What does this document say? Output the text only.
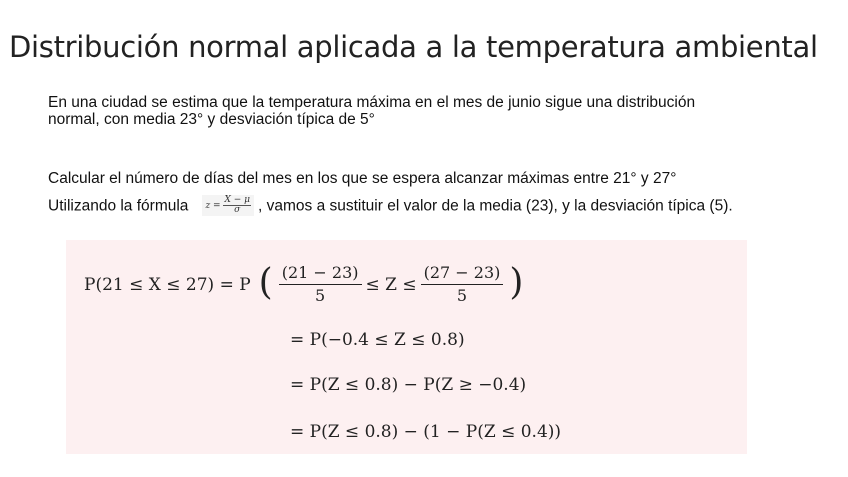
Distribución normal aplicada a la temperatura ambiental
En una ciudad se estima que la temperatura máxima en el mes de junio sigue una distribución normal, con media 23° y desviación típica de 5°
Calcular el número de días del mes en los que se espera alcanzar máximas entre 21° y 27°
Utilizando la fórmula $z = \frac{X - \mu}{\sigma}$ , vamos a sustituir el valor de la media (23), y la desviación típica (5).
P(21 ≤ X ≤ 27) = P ( $\frac{(21 - 23)}{5} \le Z \le \frac{(27 - 23)}{5}$ )
= P(−0.4 ≤ Z ≤ 0.8)
= P(Z ≤ 0.8) − P(Z ≥ −0.4)
= P(Z ≤ 0.8) − (1 − P(Z ≤ 0.4))
